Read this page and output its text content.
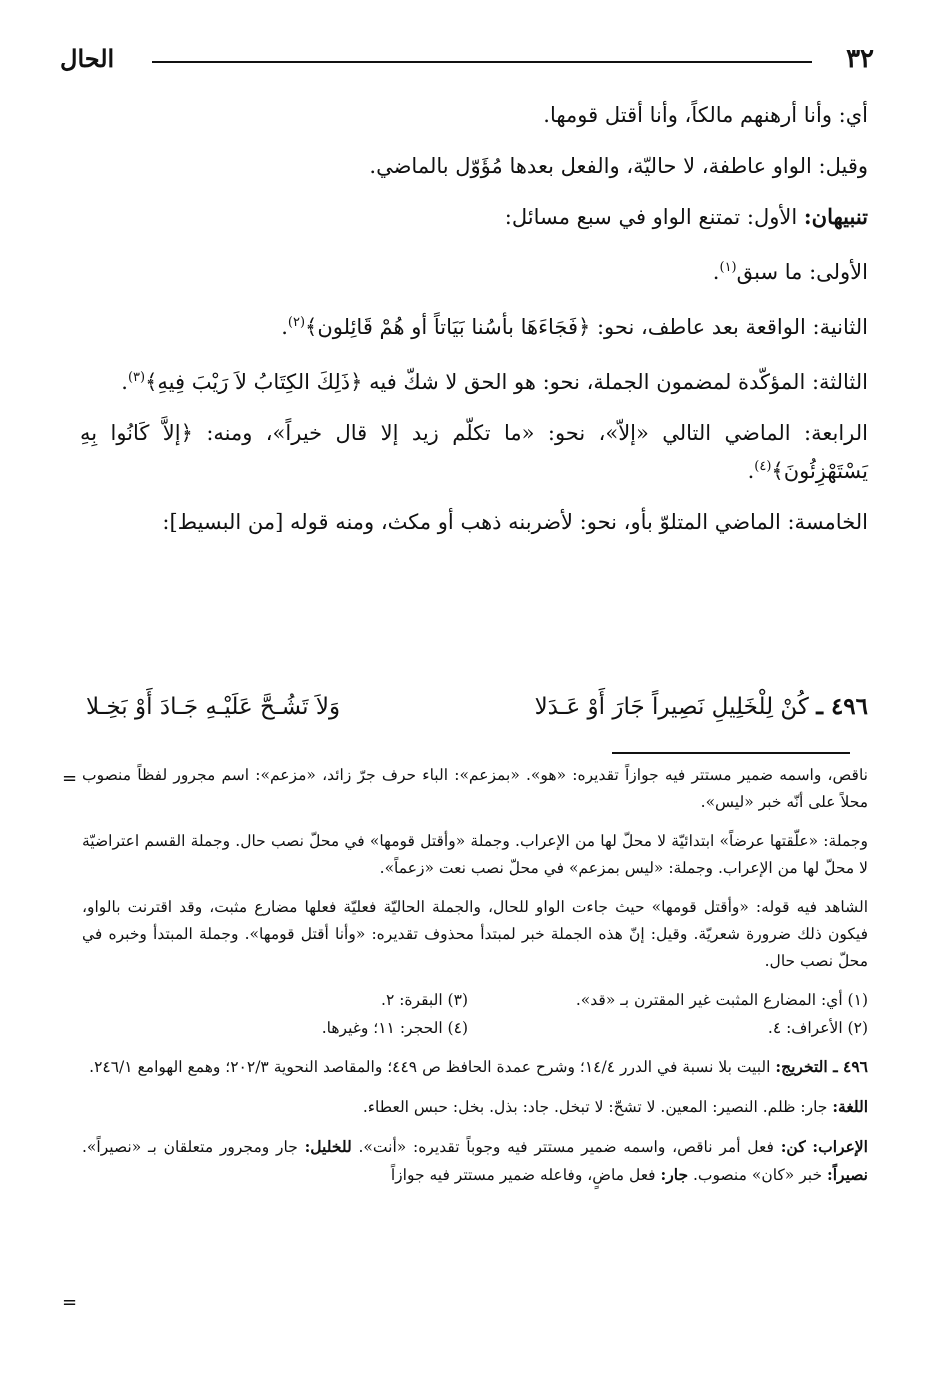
الحال	٣٢

أي: وأنا أرهنهم مالكاً، وأنا أقتل قومها.

وقيل: الواو عاطفة، لا حاليّة، والفعل بعدها مُؤَوّل بالماضي.

تنبيهان: الأول: تمتنع الواو في سبع مسائل:

الأولى: ما سبق$^{(١)}$.

الثانية: الواقعة بعد عاطف، نحو: ﴿فَجَاءَهَا بأسُنا بَيَاتاً أو هُمْ قَائِلون﴾$^{(٢)}$.

الثالثة: المؤكّدة لمضمون الجملة، نحو: هو الحق لا شكّ فيه ﴿ذَلِكَ الكِتَابُ لاَ رَيْبَ فِيهِ﴾$^{(٣)}$.

الرابعة: الماضي التالي «إلاّ»، نحو: «ما تكلّم زيد إلا قال خيراً»، ومنه: ﴿إلاَّ كَانُوا بِهِ يَسْتَهْزِئُونَ﴾$^{(٤)}$.

الخامسة: الماضي المتلوّ بأو، نحو: لأضربنه ذهب أو مكث، ومنه قوله [من البسيط]:

٤٩٦ ـ كُنْ لِلْخَلِيلِ نَصِيراً جَارَ أَوْ عَـدَلا
وَلاَ تَشُـحَّ عَلَيْـهِ جَـادَ أَوْ بَخِـلا
=
=

ناقص، واسمه ضمير مستتر فيه جوازاً تقديره: «هو». «بمزعم»: الباء حرف جرّ زائد، «مزعم»: اسم مجرور لفظاً منصوب محلاً على أنّه خبر «ليس».

وجملة: «علّقتها عرضاً» ابتدائيّة لا محلّ لها من الإعراب. وجملة «وأقتل قومها» في محلّ نصب حال. وجملة القسم اعتراضيّة لا محلّ لها من الإعراب. وجملة: «ليس بمزعم» في محلّ نصب نعت «زعماً».

الشاهد فيه قوله: «وأقتل قومها» حيث جاءت الواو للحال، والجملة الحاليّة فعليّة فعلها مضارع مثبت، وقد اقترنت بالواو، فيكون ذلك ضرورة شعريّة. وقيل: إنّ هذه الجملة خبر لمبتدأ محذوف تقديره: «وأنا أقتل قومها». وجملة المبتدأ وخبره في محلّ نصب حال.

(١) أي: المضارع المثبت غير المقترن بـ «قد».
(٣) البقرة: ٢.
(٢) الأعراف: ٤.
(٤) الحجر: ١١؛ وغيرها.

٤٩٦ ـ التخريج: البيت بلا نسبة في الدرر ١٤/٤؛ وشرح عمدة الحافظ ص ٤٤٩؛ والمقاصد النحوية ٢٠٢/٣؛ وهمع الهوامع ٢٤٦/١.

اللغة: جار: ظلم. النصير: المعين. لا تشحّ: لا تبخل. جاد: بذل. بخل: حبس العطاء.

الإعراب: كن: فعل أمر ناقص، واسمه ضمير مستتر فيه وجوباً تقديره: «أنت». للخليل: جار ومجرور متعلقان بـ «نصيراً». نصيراً: خبر «كان» منصوب. جار: فعل ماضٍ، وفاعله ضمير مستتر فيه جوازاً
